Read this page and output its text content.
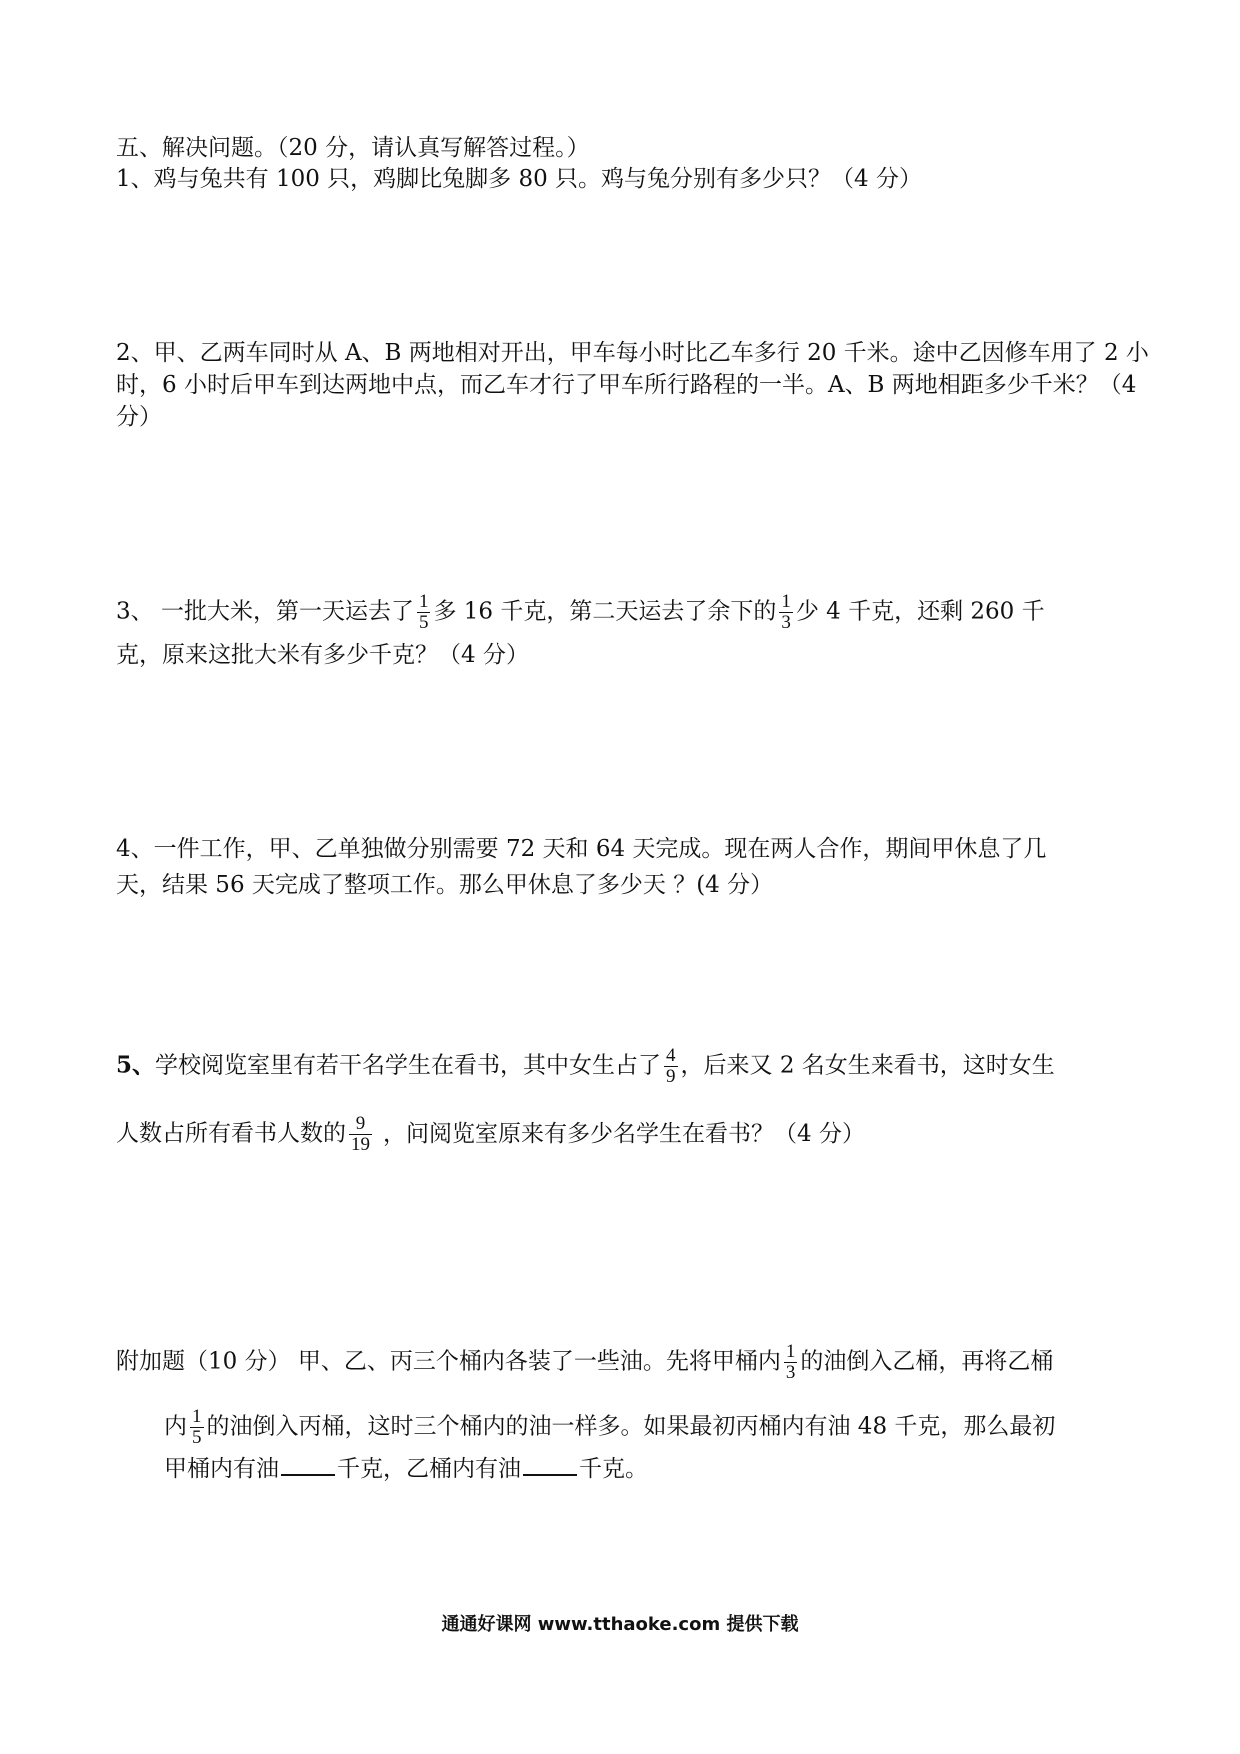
五、解决问题。（20 分，请认真写解答过程。）
1、鸡与兔共有 100 只，鸡脚比兔脚多 80 只。鸡与兔分别有多少只？（4 分）
2、甲、乙两车同时从 A、B 两地相对开出，甲车每小时比乙车多行 20 千米。途中乙因修车用了 2 小
时，6 小时后甲车到达两地中点，而乙车才行了甲车所行路程的一半。A、B 两地相距多少千米？（4
分）
3、 一批大米，第一天运去了 $\frac{1}{5}$ 多 16 千克，第二天运去了余下的 $\frac{1}{3}$ 少 4 千克，还剩 260 千
克，原来这批大米有多少千克？（4 分）
4、一件工作，甲、乙单独做分别需要 72 天和 64 天完成。现在两人合作，期间甲休息了几
天，结果 56 天完成了整项工作。那么甲休息了多少天 ？(4 分）
5、学校阅览室里有若干名学生在看书，其中女生占了 $\frac{4}{9}$ ，后来又 2 名女生来看书，这时女生
人数占所有看书人数的 $\frac{9}{19}$ ，问阅览室原来有多少名学生在看书？（4 分）
附加题（10 分） 甲、乙、丙三个桶内各装了一些油。先将甲桶内 $\frac{1}{3}$ 的油倒入乙桶，再将乙桶
内 $\frac{1}{5}$ 的油倒入丙桶，这时三个桶内的油一样多。如果最初丙桶内有油 48 千克，那么最初
甲桶内有油	千克，乙桶内有油	千克。
通通好课网 www.tthaoke.com 提供下载
